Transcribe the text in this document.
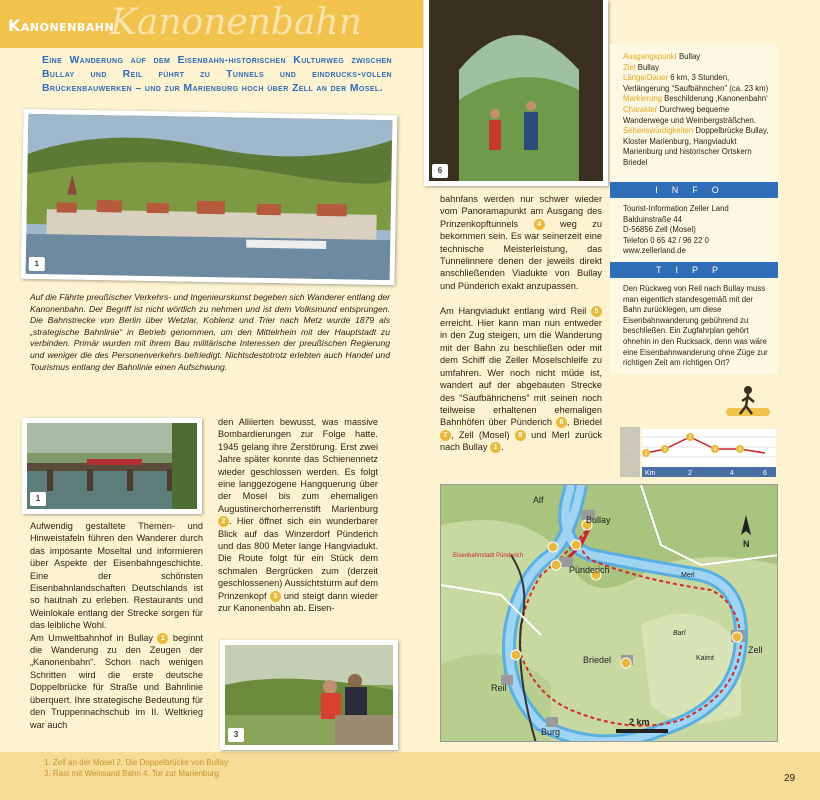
Kanonenbahn
Kanonenbahn
Eine Wanderung auf dem Eisenbahn-historischen Kulturweg zwischen Bullay und Reil führt zu Tunnels und eindrucks-vollen Brückenbauwerken – und zur Marienburg hoch über Zell an der Mosel.
1
Auf die Fährte preußischer Verkehrs- und Ingenieurskunst begeben sich Wanderer entlang der Kanonenbahn. Der Begriff ist nicht wörtlich zu nehmen und ist dem Volksmund entsprungen. Die Bahnstrecke von Berlin über Wetzlar, Koblenz und Trier nach Metz wurde 1879 als „strategische Bahnlinie“ in Betrieb genommen, um den Mittelrhein mit der Hauptstadt zu verbinden. Primär wurden mit ihrem Bau militärische Interessen der preußischen Regierung und weniger die des Personenverkehrs befriedigt. Nichtsdestotrotz erlebten auch Handel und Tourismus entlang der Bahnlinie einen Aufschwung.
1
Aufwendig gestaltete Themen- und Hinweistafeln führen den Wanderer durch das imposante Moseltal und informieren über Aspekte der Eisenbahngeschichte. Eine der schönsten Eisenbahnlandschaften Deutschlands ist so hautnah zu erleben. Restaurants und Weinlokale entlang der Strecke sorgen für das leibliche Wohl.
Am Umweltbahnhof in Bullay 1 beginnt die Wanderung zu den Zeugen der „Kanonenbahn“. Schon nach wenigen Schritten wird die erste deutsche Doppelbrücke für Straße und Bahnlinie überquert. Ihre strategische Bedeutung für den Truppennachschub im II. Weltkrieg war auch
den Alliierten bewusst, was massive Bombardierungen zur Folge hatte. 1945 gelang ihre Zerstörung. Erst zwei Jahre später konnte das Schienennetz wieder geschlossen werden. Es folgt eine langgezogene Hangquerung über der Mosel bis zum ehemaligen Augustinerchorherrenstift Marienburg 2 . Hier öffnet sich ein wunderbarer Blick auf das Winzerdorf Pünderich und das 800 Meter lange Hangviadukt. Die Route folgt für ein Stück dem schmalen Bergrücken zum (derzeit geschlossenen) Aussichtsturm auf dem Prinzenkopf 3 und steigt dann wieder zur Kanonenbahn ab. Eisen-
3
6
bahnfans werden nur schwer wieder vom Panoramapunkt am Ausgang des Prinzenkopftunnels	4 weg zu bekommen sein. Es war seinerzeit eine technische Meisterleistung, das Tunnelinnere denen der jeweils direkt anschließenden Viadukte von Bullay und Pünderich exakt anzupassen.

Am Hangviadukt entlang wird Reil 5 erreicht. Hier kann man nun entweder in den Zug steigen, um die Wanderung mit der Bahn zu beschließen oder mit dem Schiff die Zeller Moselschleife zu umfahren. Wer noch nicht müde ist, wandert auf der abgebauten Strecke des “Saufbähnchens” mit seinen noch teilweise erhaltenen ehemaligen Bahnhöfen über Pünderich 6 , Briedel 7 , Zell (Mosel) 8 und Merl zurück nach Bullay 1 .
Ausgangspunkt Bullay
Ziel Bullay
Länge/Dauer 6 km, 3 Stunden, Verlängerung “Saufbähnchen” (ca. 23 km)
Markierung Beschilderung ‚Kanonenbahn‘
Charakter Durchweg bequeme Wanderwege und Weinbergsträßchen.
Sehenswürdigkeiten Doppelbrücke Bullay, Kloster Marienburg, Hangviadukt Marienburg und historischer Ortskern Briedel
INFO
Tourist-Information Zeller Land
Balduinstraße 44
D-56856 Zell (Mosel)
Telefon 0 65 42 / 96 22 0
www.zellerland.de
TIPP
Den Rückweg von Reil nach Bullay muss man eigentlich standesgemäß mit der Bahn zurücklegen, um diese Eisenbahnwanderung gebührend zu beschließen. Ein Zugfahrplan gehört ohnehin in den Rucksack, denn was wäre eine Eisenbahnwanderung ohne Züge zur richtigen Zeit am richtigen Ort?
Km	2	4	6
1
2
3
4	5
Alf
Bullay
Pünderich
Reil
Briedel
Zell
Burg
Merl
Kaimt
Barl
Eisenbahnstadt Pünderich
2 km
N
1. Zell an der Mosel 2. Die Doppelbrücke von Bullay
3. Rast mit Weinsand Bahn 4. Tor zur Marienburg	29
